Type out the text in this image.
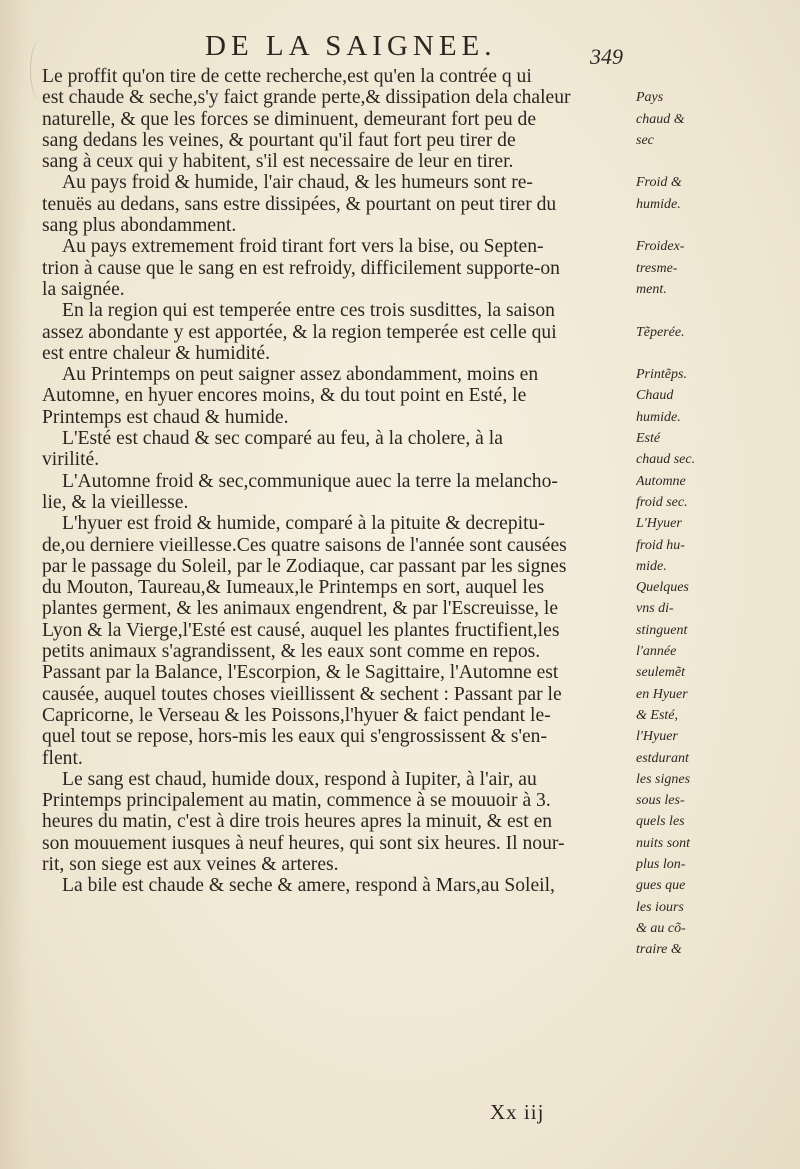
DE LA SAIGNEE.	349
Le proffit qu'on tire de cette recherche,est qu'en la contrée q ui
est chaude & seche,s'y faict grande perte,& dissipation dela chaleur
naturelle, & que les forces se diminuent, demeurant fort peu de
sang dedans les veines, & pourtant qu'il faut fort peu tirer de
sang à ceux qui y habitent, s'il est necessaire de leur en tirer.
Au pays froid & humide, l'air chaud, & les humeurs sont re-
tenuës au dedans, sans estre dissipées, & pourtant on peut tirer du
sang plus abondamment.
Au pays extremement froid tirant fort vers la bise, ou Septen-
trion à cause que le sang en est refroidy, difficilement supporte-on
la saignée.
En la region qui est temperée entre ces trois susdittes, la saison
assez abondante y est apportée, & la region temperée est celle qui
est entre chaleur & humidité.
Au Printemps on peut saigner assez abondamment, moins en
Automne, en hyuer encores moins, & du tout point en Esté, le
Printemps est chaud & humide.
L'Esté est chaud & sec comparé au feu, à la cholere, à la
virilité.
L'Automne froid & sec,communique auec la terre la melancho-
lie, & la vieillesse.
L'hyuer est froid & humide, comparé à la pituite & decrepitu-
de,ou derniere vieillesse.Ces quatre saisons de l'année sont causées
par le passage du Soleil, par le Zodiaque, car passant par les signes
du Mouton, Taureau,& Iumeaux,le Printemps en sort, auquel les
plantes germent, & les animaux engendrent, & par l'Escreuisse, le
Lyon & la Vierge,l'Esté est causé, auquel les plantes fructifient,les
petits animaux s'agrandissent, & les eaux sont comme en repos.
Passant par la Balance, l'Escorpion, & le Sagittaire, l'Automne est
causée, auquel toutes choses vieillissent & sechent : Passant par le
Capricorne, le Verseau & les Poissons,l'hyuer & faict pendant le-
quel tout se repose, hors-mis les eaux qui s'engrossissent & s'en-
flent.
Le sang est chaud, humide doux, respond à Iupiter, à l'air, au
Printemps principalement au matin, commence à se mouuoir à 3.
heures du matin, c'est à dire trois heures apres la minuit, & est en
son mouuement iusques à neuf heures, qui sont six heures. Il nour-
rit, son siege est aux veines & arteres.
La bile est chaude & seche & amere, respond à Mars,au Soleil,
Pays
chaud &
sec
Froid &
humide.
Froidex-
tresme-
ment.
Tẽperée.
Printẽps.
Chaud
humide.
Esté
chaud sec.
Automne
froid sec.
L'Hyuer
froid hu-
mide.
Quelques
vns di-
stinguent
l'année
seulemẽt
en Hyuer
& Esté,
l'Hyuer
estdurant
les signes
sous les-
quels les
nuits sont
plus lon-
gues que
les iours
& au cõ-
traire &
Xx iij
